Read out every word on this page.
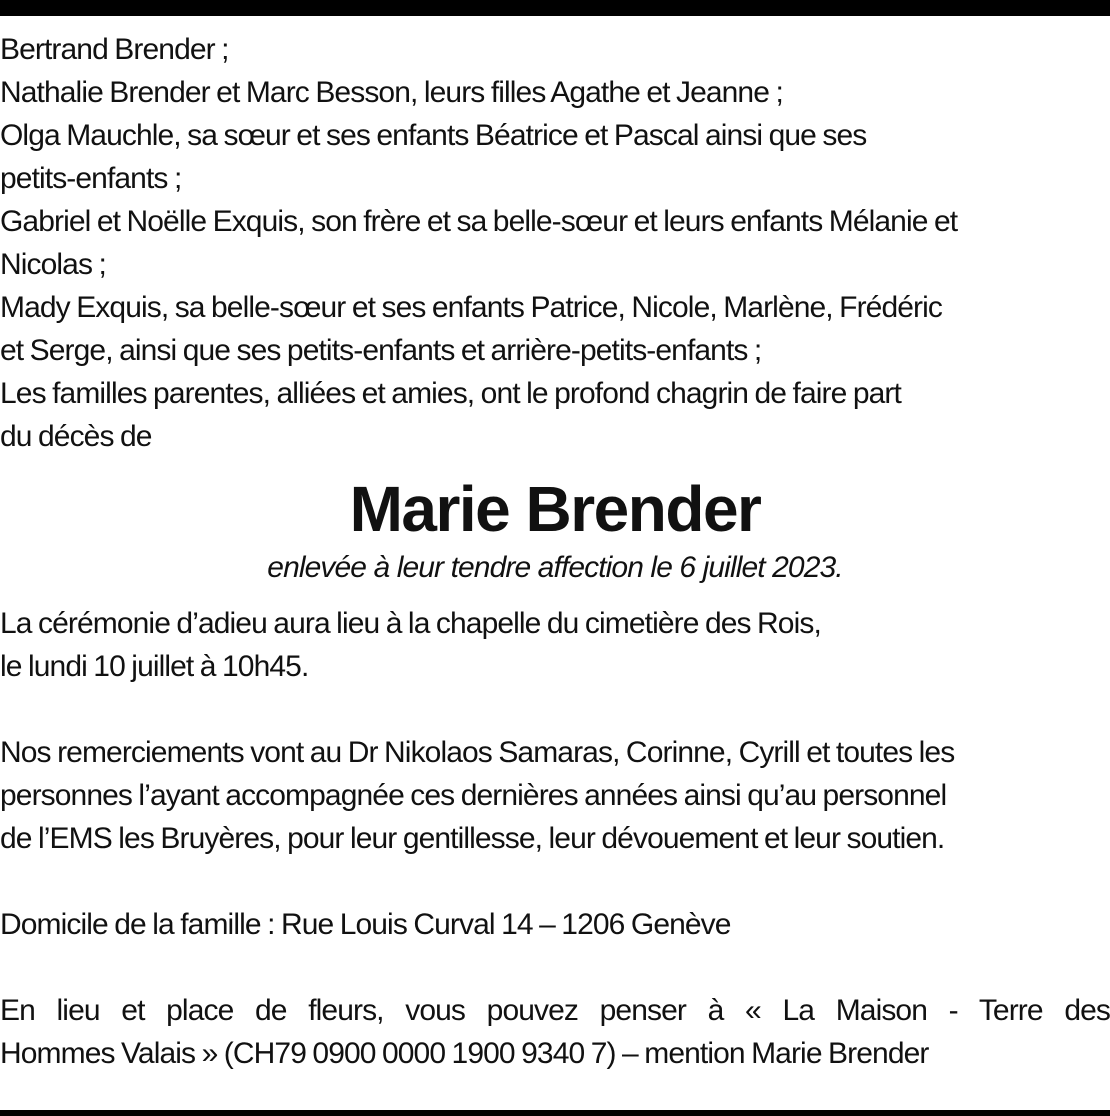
Bertrand Brender ;

Nathalie Brender et Marc Besson, leurs filles Agathe et Jeanne ;

Olga Mauchle, sa sœur et ses enfants Béatrice et Pascal ainsi que ses

petits-enfants ;

Gabriel et Noëlle Exquis, son frère et sa belle-sœur et leurs enfants Mélanie et

Nicolas ;

Mady Exquis, sa belle-sœur et ses enfants Patrice, Nicole, Marlène, Frédéric

et Serge, ainsi que ses petits-enfants et arrière-petits-enfants ;

Les familles parentes, alliées et amies, ont le profond chagrin de faire part

du décès de

Marie Brender
enlevée à leur tendre affection le 6 juillet 2023.
La cérémonie d’adieu aura lieu à la chapelle du cimetière des Rois,
le lundi 10 juillet à 10h45.
Nos remerciements vont au Dr Nikolaos Samaras, Corinne, Cyrill et toutes les
personnes l’ayant accompagnée ces dernières années ainsi qu’au personnel
de l’EMS les Bruyères, pour leur gentillesse, leur dévouement et leur soutien.
Domicile de la famille : Rue Louis Curval 14 – 1206 Genève
En lieu et place de fleurs, vous pouvez penser à « La Maison - Terre des
Hommes Valais » (CH79 0900 0000 1900 9340 7) – mention Marie Brender
